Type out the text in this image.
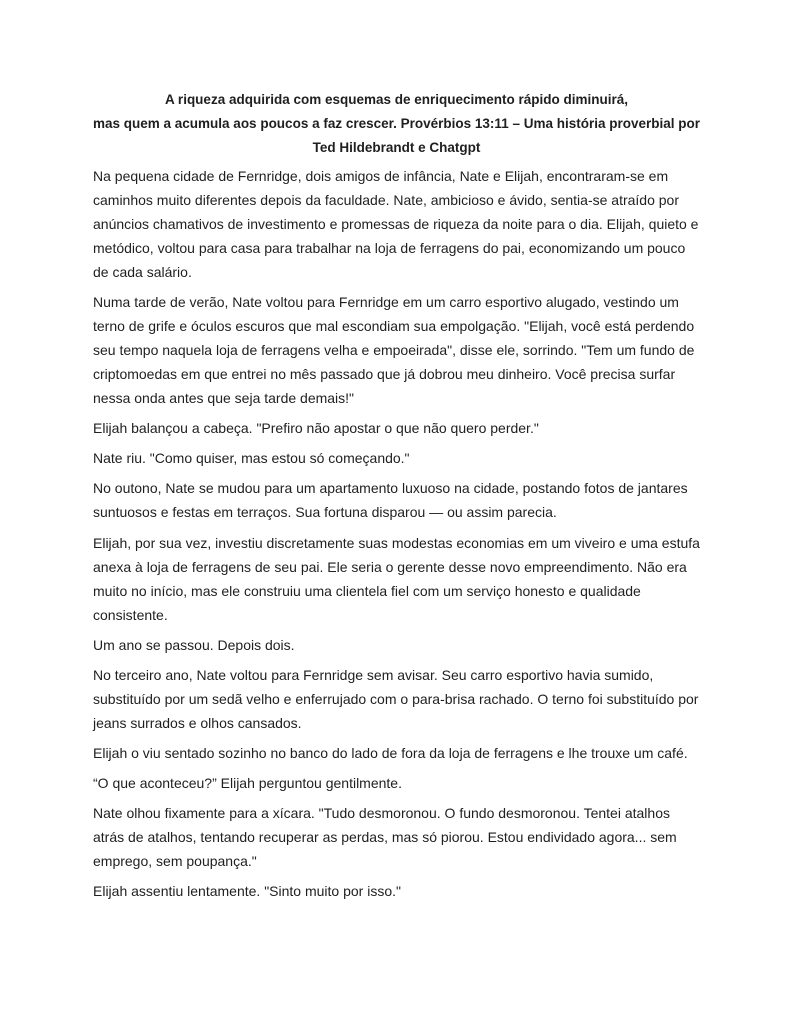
A riqueza adquirida com esquemas de enriquecimento rápido diminuirá,
mas quem a acumula aos poucos a faz crescer. Provérbios 13:11 – Uma história proverbial por
Ted Hildebrandt e Chatgpt

Na pequena cidade de Fernridge, dois amigos de infância, Nate e Elijah, encontraram-se em caminhos muito diferentes depois da faculdade. Nate, ambicioso e ávido, sentia-se atraído por anúncios chamativos de investimento e promessas de riqueza da noite para o dia. Elijah, quieto e metódico, voltou para casa para trabalhar na loja de ferragens do pai, economizando um pouco de cada salário.

Numa tarde de verão, Nate voltou para Fernridge em um carro esportivo alugado, vestindo um terno de grife e óculos escuros que mal escondiam sua empolgação. "Elijah, você está perdendo seu tempo naquela loja de ferragens velha e empoeirada", disse ele, sorrindo. "Tem um fundo de criptomoedas em que entrei no mês passado que já dobrou meu dinheiro. Você precisa surfar nessa onda antes que seja tarde demais!"

Elijah balançou a cabeça. "Prefiro não apostar o que não quero perder."

Nate riu. "Como quiser, mas estou só começando."

No outono, Nate se mudou para um apartamento luxuoso na cidade, postando fotos de jantares suntuosos e festas em terraços. Sua fortuna disparou — ou assim parecia.

Elijah, por sua vez, investiu discretamente suas modestas economias em um viveiro e uma estufa anexa à loja de ferragens de seu pai. Ele seria o gerente desse novo empreendimento. Não era muito no início, mas ele construiu uma clientela fiel com um serviço honesto e qualidade consistente.

Um ano se passou. Depois dois.

No terceiro ano, Nate voltou para Fernridge sem avisar. Seu carro esportivo havia sumido, substituído por um sedã velho e enferrujado com o para-brisa rachado. O terno foi substituído por jeans surrados e olhos cansados.

Elijah o viu sentado sozinho no banco do lado de fora da loja de ferragens e lhe trouxe um café.

“O que aconteceu?” Elijah perguntou gentilmente.

Nate olhou fixamente para a xícara. "Tudo desmoronou. O fundo desmoronou. Tentei atalhos atrás de atalhos, tentando recuperar as perdas, mas só piorou. Estou endividado agora... sem emprego, sem poupança."

Elijah assentiu lentamente. "Sinto muito por isso."
